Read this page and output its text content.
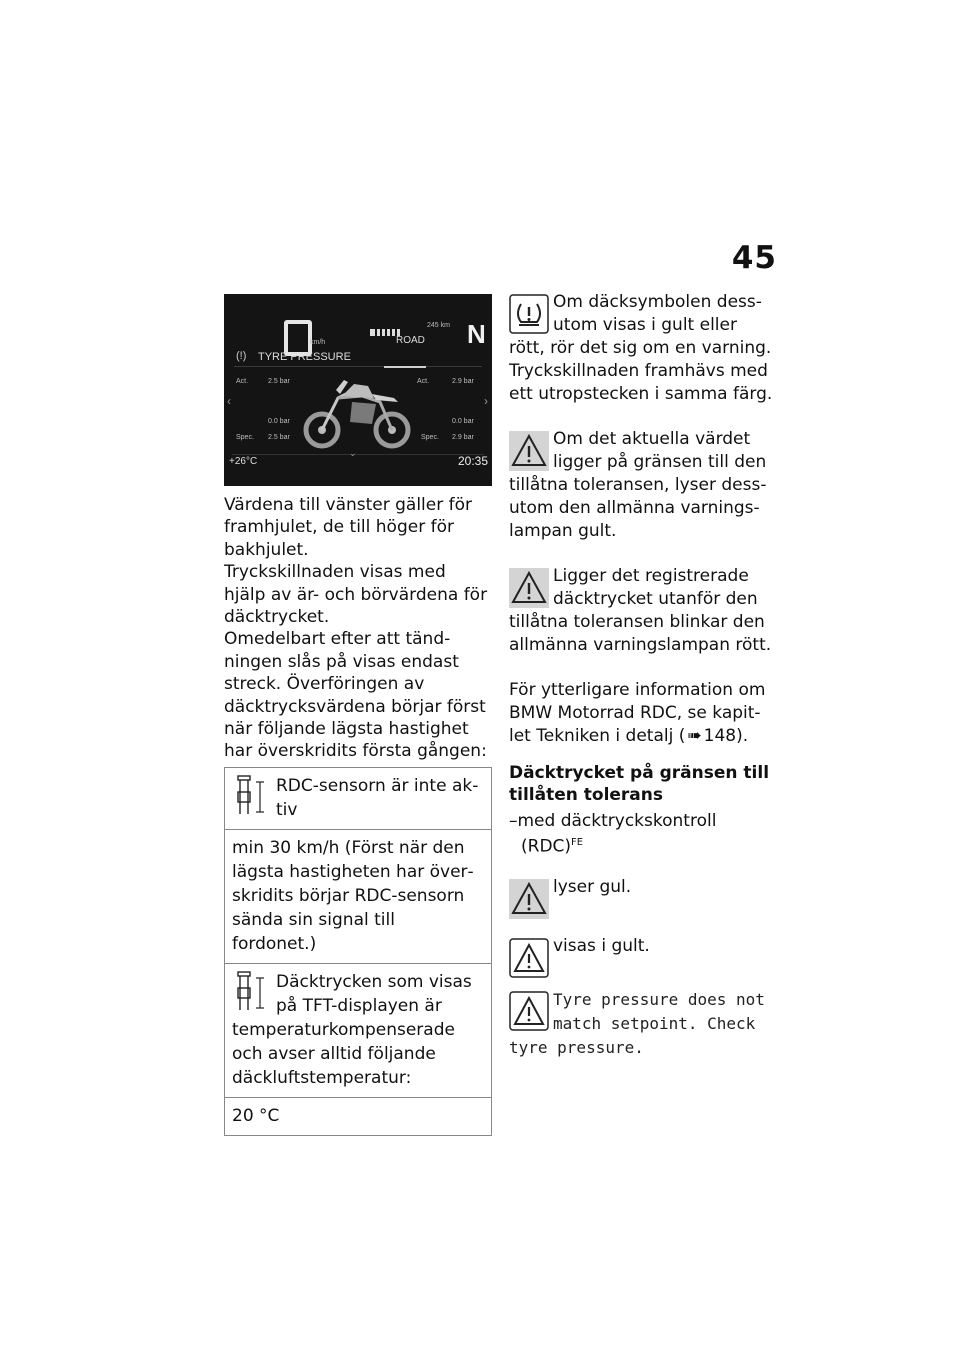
45
km/h
245 km
ROAD N
(!) TYRE PRESSURE
Act.	2.5 bar	Act.	2.9 bar
‹	›
0.0 bar	0.0 bar
Spec. 2.5 bar	Spec. 2.9 bar
⌄
+26°C	20:35

Värdena till vänster gäller för framhjulet, de till höger för bakhjulet.

Tryckskillnaden visas med hjälp av är- och börvärdena för däcktrycket.

Omedelbart efter att tändningen slås på visas endast streck. Överföringen av däcktrycksvärdena börjar först när följande lägsta hastighet har överskridits första gången:

RDC-sensorn är inte aktiv
min 30 km/h (Först när den lägsta hastigheten har överskridits börjar RDC-sensorn sända sin signal till fordonet.)
Däcktrycken som visas på TFT-displayen är temperaturkompenserade och avser alltid följande däckluftstemperatur:
20 °C
Om däcksymbolen dessutom visas i gult eller rött, rör det sig om en varning. Tryckskillnaden framhävs med ett utropstecken i samma färg.
Om det aktuella värdet ligger på gränsen till den tillåtna toleransen, lyser dessutom den allmänna varningslampan gult.
Ligger det registrerade däcktrycket utanför den tillåtna toleransen blinkar den allmänna varningslampan rött.
För ytterligare information om BMW Motorrad RDC, se kapitlet Tekniken i detalj ( ➠ 148).
Däcktrycket på gränsen till tillåten tolerans
–med däcktryckskontroll
(RDC)$^{FE}$
lyser gul.
visas i gult.
Tyre pressure does not match setpoint. Check tyre pressure.
